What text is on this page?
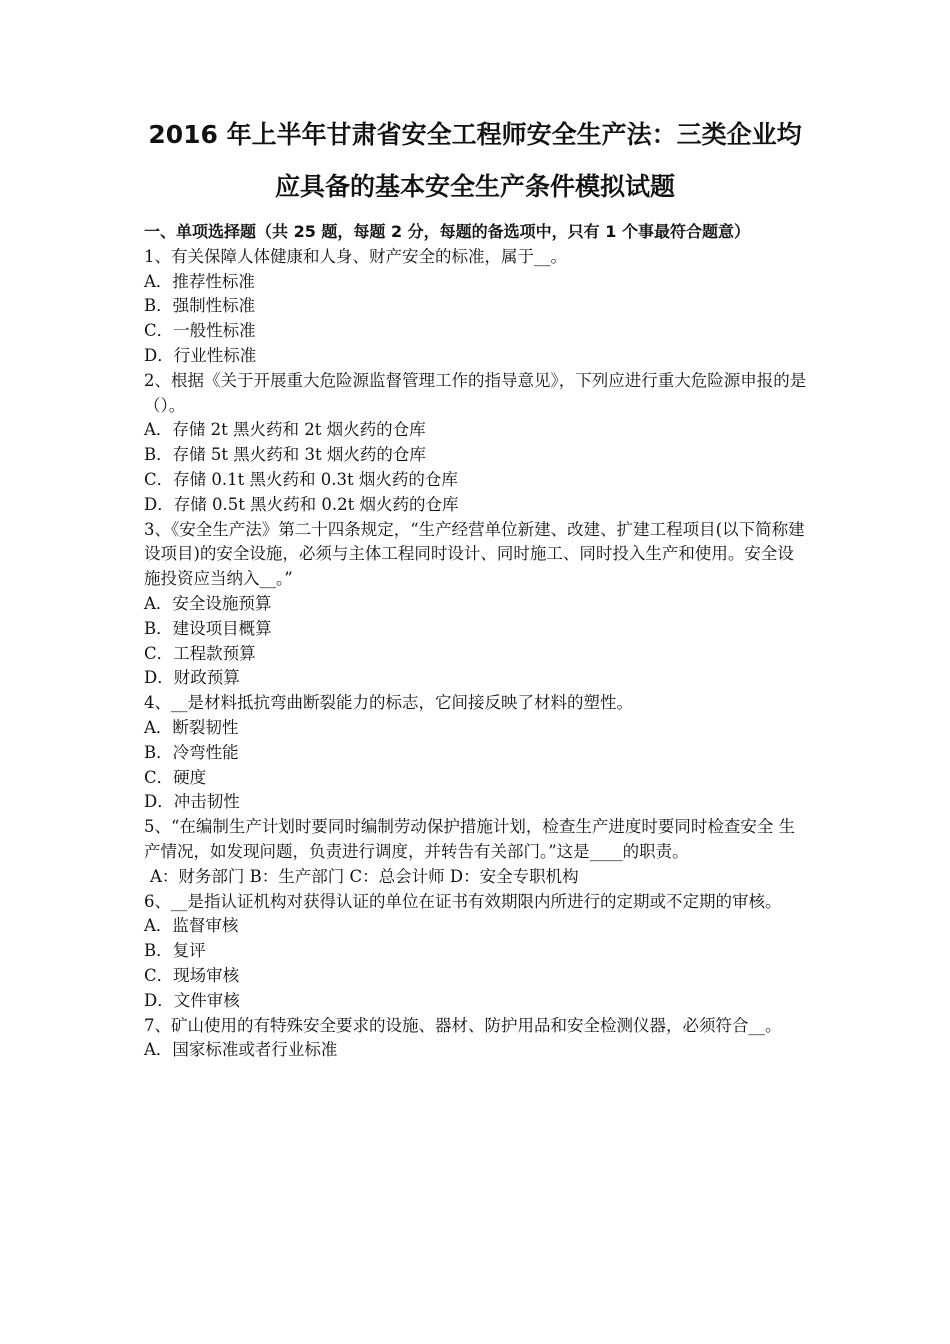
2016 年上半年甘肃省安全工程师安全生产法：三类企业均
应具备的基本安全生产条件模拟试题
一、单项选择题（共 25 题，每题 2 分，每题的备选项中，只有 1 个事最符合题意）
1、有关保障人体健康和人身、财产安全的标准，属于__。
A．推荐性标准
B．强制性标准
C．一般性标准
D．行业性标准
2、根据《关于开展重大危险源监督管理工作的指导意见》，下列应进行重大危险源申报的是（）。
A．存储 2t 黑火药和 2t 烟火药的仓库
B．存储 5t 黑火药和 3t 烟火药的仓库
C．存储 0.1t 黑火药和 0.3t 烟火药的仓库
D．存储 0.5t 黑火药和 0.2t 烟火药的仓库
3、《安全生产法》第二十四条规定，“生产经营单位新建、改建、扩建工程项目(以下简称建设项目)的安全设施，必须与主体工程同时设计、同时施工、同时投入生产和使用。安全设施投资应当纳入__。”
A．安全设施预算
B．建设项目概算
C．工程款预算
D．财政预算
4、__是材料抵抗弯曲断裂能力的标志，它间接反映了材料的塑性。
A．断裂韧性
B．冷弯性能
C．硬度
D．冲击韧性
5、“在编制生产计划时要同时编制劳动保护措施计划，检查生产进度时要同时检查安全 生产情况，如发现问题，负责进行调度，并转告有关部门。”这是____的职责。
A：财务部门 B：生产部门 C：总会计师 D：安全专职机构
6、__是指认证机构对获得认证的单位在证书有效期限内所进行的定期或不定期的审核。
A．监督审核
B．复评
C．现场审核
D．文件审核
7、矿山使用的有特殊安全要求的设施、器材、防护用品和安全检测仪器，必须符合__。
A．国家标准或者行业标准
